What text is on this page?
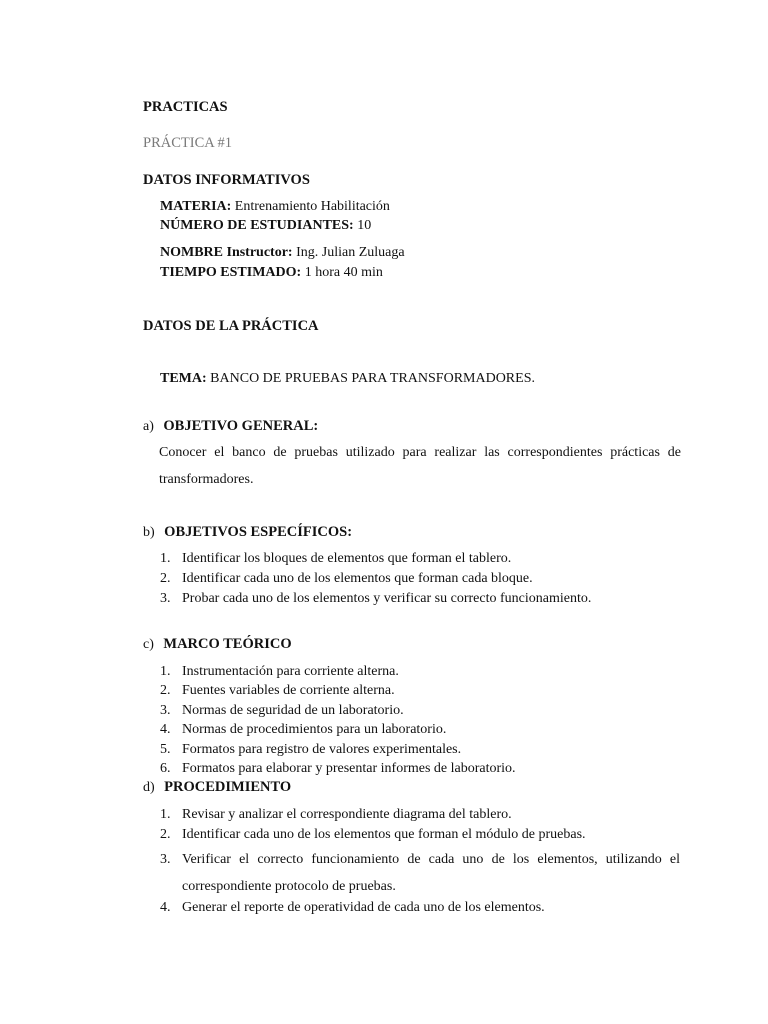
PRACTICAS
PRÁCTICA #1
DATOS INFORMATIVOS
MATERIA: Entrenamiento Habilitación
NÚMERO DE ESTUDIANTES: 10
NOMBRE Instructor: Ing. Julian Zuluaga
TIEMPO ESTIMADO: 1 hora 40 min
DATOS DE LA PRÁCTICA
TEMA: BANCO DE PRUEBAS PARA TRANSFORMADORES.
a) OBJETIVO GENERAL:
Conocer el banco de pruebas utilizado para realizar las correspondientes prácticas de transformadores.
b) OBJETIVOS ESPECÍFICOS:
1. Identificar los bloques de elementos que forman el tablero.
2. Identificar cada uno de los elementos que forman cada bloque.
3. Probar cada uno de los elementos y verificar su correcto funcionamiento.
c) MARCO TEÓRICO
1. Instrumentación para corriente alterna.
2. Fuentes variables de corriente alterna.
3. Normas de seguridad de un laboratorio.
4. Normas de procedimientos para un laboratorio.
5. Formatos para registro de valores experimentales.
6. Formatos para elaborar y presentar informes de laboratorio.
d) PROCEDIMIENTO
1. Revisar y analizar el correspondiente diagrama del tablero.
2. Identificar cada uno de los elementos que forman el módulo de pruebas.
3. Verificar el correcto funcionamiento de cada uno de los elementos, utilizando el correspondiente protocolo de pruebas.
4. Generar el reporte de operatividad de cada uno de los elementos.
